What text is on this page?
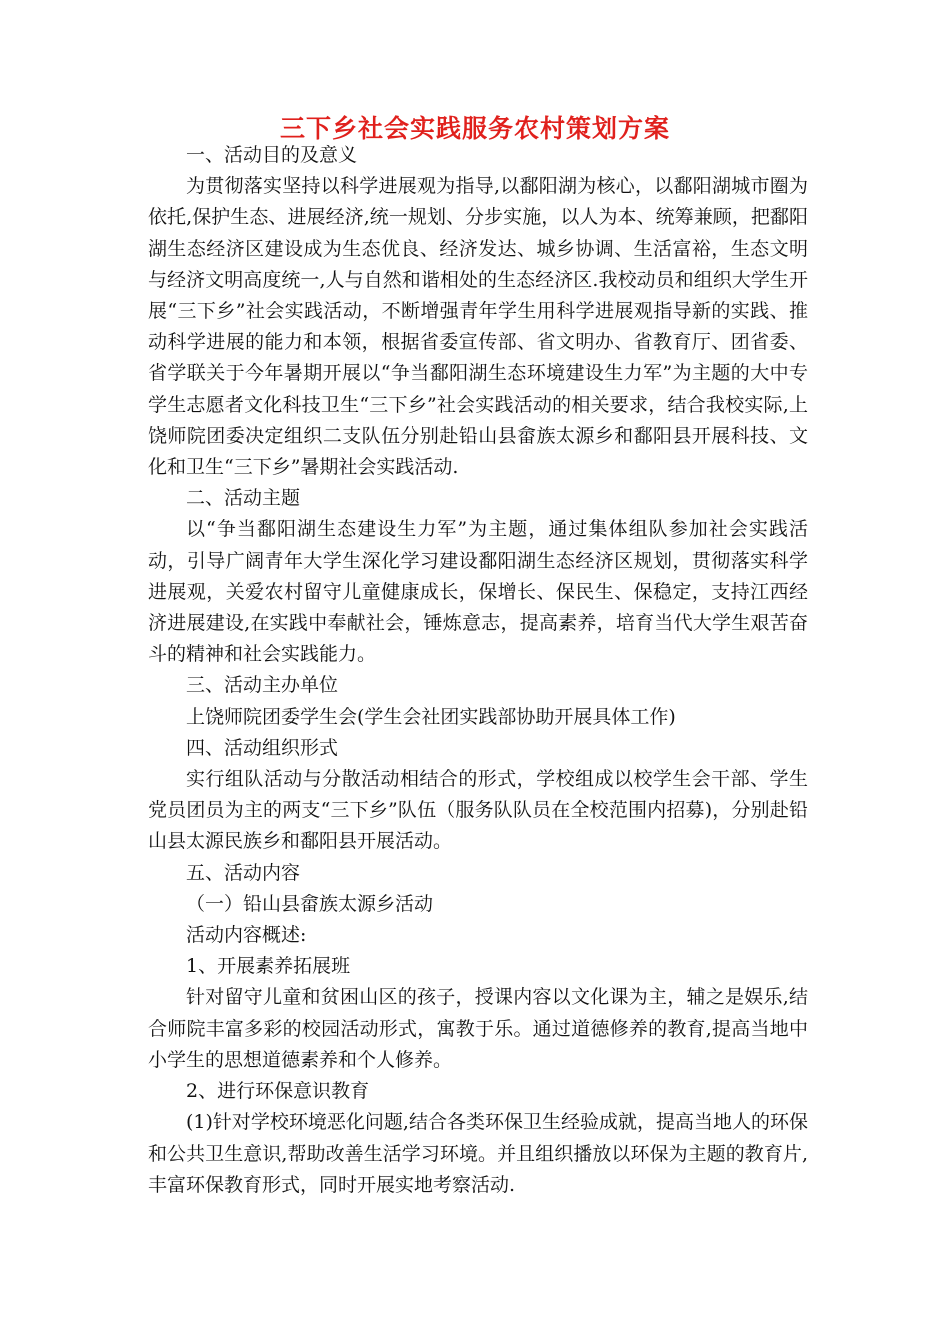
三下乡社会实践服务农村策划方案

一、活动目的及意义

为贯彻落实坚持以科学进展观为指导,以鄱阳湖为核心，以鄱阳湖城市圈为依托,保护生态、进展经济,统一规划、分步实施，以人为本、统筹兼顾，把鄱阳湖生态经济区建设成为生态优良、经济发达、城乡协调、生活富裕，生态文明与经济文明高度统一,人与自然和谐相处的生态经济区.我校动员和组织大学生开展“三下乡”社会实践活动，不断增强青年学生用科学进展观指导新的实践、推动科学进展的能力和本领，根据省委宣传部、省文明办、省教育厅、团省委、省学联关于今年暑期开展以“争当鄱阳湖生态环境建设生力军”为主题的大中专学生志愿者文化科技卫生“三下乡”社会实践活动的相关要求，结合我校实际,上饶师院团委决定组织二支队伍分别赴铅山县畲族太源乡和鄱阳县开展科技、文化和卫生“三下乡”暑期社会实践活动.

二、活动主题

以“争当鄱阳湖生态建设生力军”为主题，通过集体组队参加社会实践活动，引导广阔青年大学生深化学习建设鄱阳湖生态经济区规划，贯彻落实科学进展观，关爱农村留守儿童健康成长，保增长、保民生、保稳定，支持江西经济进展建设,在实践中奉献社会，锤炼意志，提高素养，培育当代大学生艰苦奋斗的精神和社会实践能力。

三、活动主办单位

上饶师院团委学生会(学生会社团实践部协助开展具体工作)

四、活动组织形式

实行组队活动与分散活动相结合的形式，学校组成以校学生会干部、学生党员团员为主的两支“三下乡”队伍（服务队队员在全校范围内招募)，分别赴铅山县太源民族乡和鄱阳县开展活动。

五、活动内容

（一）铅山县畲族太源乡活动

活动内容概述:

1、开展素养拓展班

针对留守儿童和贫困山区的孩子，授课内容以文化课为主，辅之是娱乐,结合师院丰富多彩的校园活动形式，寓教于乐。通过道德修养的教育,提高当地中小学生的思想道德素养和个人修养。

2、进行环保意识教育

(1)针对学校环境恶化问题,结合各类环保卫生经验成就，提高当地人的环保和公共卫生意识,帮助改善生活学习环境。并且组织播放以环保为主题的教育片,丰富环保教育形式，同时开展实地考察活动.
